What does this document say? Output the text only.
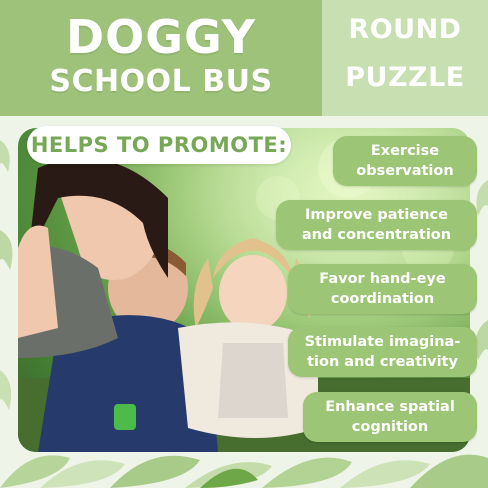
DOGGY
SCHOOL BUS
ROUND
PUZZLE
HELPS TO PROMOTE:	Exercise
observation
Improve patience
and concentration
Favor hand-eye
coordination
Stimulate imagina-
tion and creativity
Enhance spatial
cognition
